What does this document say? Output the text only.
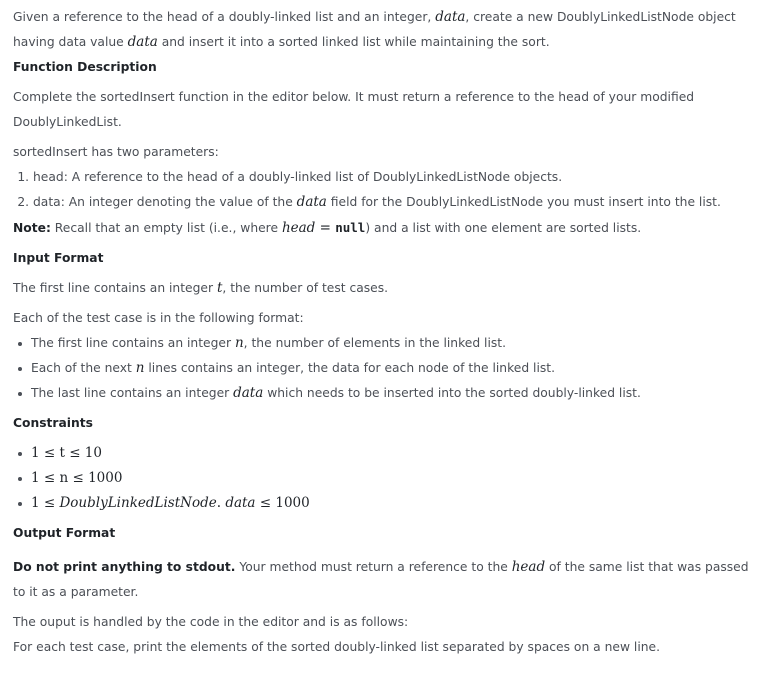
Given a reference to the head of a doubly-linked list and an integer, data, create a new DoublyLinkedListNode object having data value data and insert it into a sorted linked list while maintaining the sort.

Function Description

Complete the sortedInsert function in the editor below. It must return a reference to the head of your modified DoublyLinkedList.

sortedInsert has two parameters:

1. head: A reference to the head of a doubly-linked list of DoublyLinkedListNode objects.
2. data: An integer denoting the value of the data field for the DoublyLinkedListNode you must insert into the list.

Note: Recall that an empty list (i.e., where head = null) and a list with one element are sorted lists.

Input Format

The first line contains an integer t, the number of test cases.

Each of the test case is in the following format:

The first line contains an integer n, the number of elements in the linked list.
Each of the next n lines contains an integer, the data for each node of the linked list.
The last line contains an integer data which needs to be inserted into the sorted doubly-linked list.
Constraints
1 ≤ t ≤ 10
1 ≤ n ≤ 1000
1 ≤ DoublyLinkedListNode. data ≤ 1000
Output Format

Do not print anything to stdout. Your method must return a reference to the head of the same list that was passed to it as a parameter.

The ouput is handled by the code in the editor and is as follows:

For each test case, print the elements of the sorted doubly-linked list separated by spaces on a new line.
